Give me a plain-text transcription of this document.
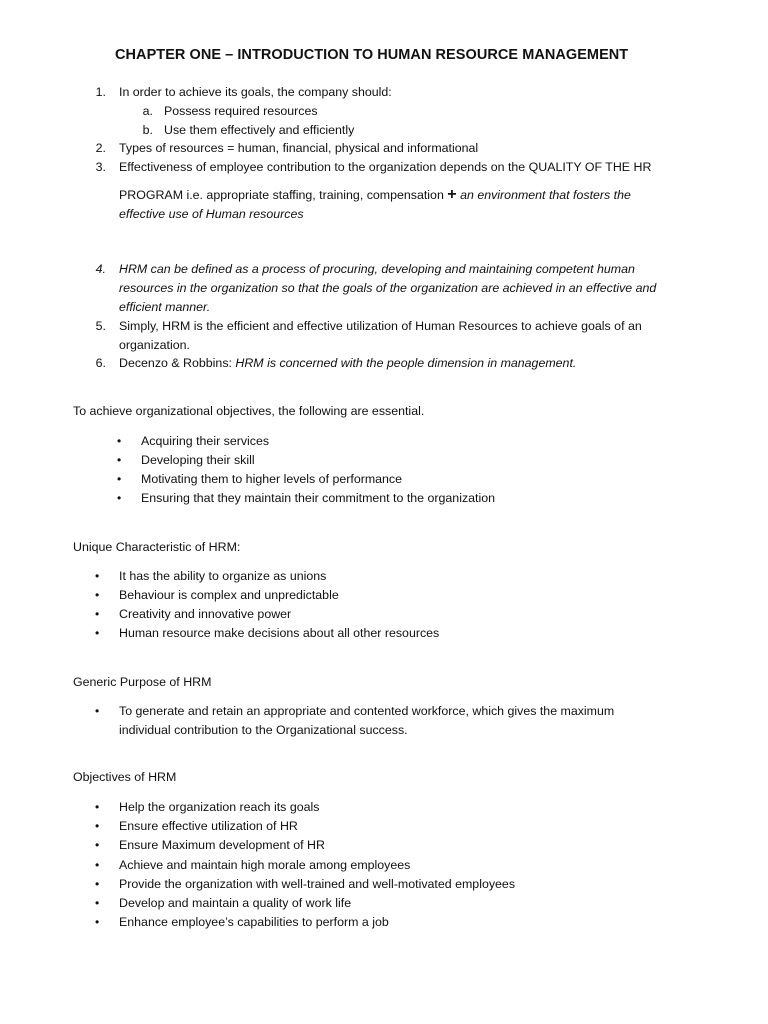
CHAPTER ONE – INTRODUCTION TO HUMAN RESOURCE MANAGEMENT
1. In order to achieve its goals, the company should:
a. Possess required resources
b. Use them effectively and efficiently
2. Types of resources = human, financial, physical and informational
3. Effectiveness of employee contribution to the organization depends on the QUALITY OF THE HR
PROGRAM i.e. appropriate staffing, training, compensation + an environment that fosters the
effective use of Human resources
4. HRM can be defined as a process of procuring, developing and maintaining competent human
resources in the organization so that the goals of the organization are achieved in an effective and
efficient manner.
5. Simply, HRM is the efficient and effective utilization of Human Resources to achieve goals of an
organization.
6. Decenzo & Robbins: HRM is concerned with the people dimension in management.
To achieve organizational objectives, the following are essential.
• Acquiring their services
• Developing their skill
• Motivating them to higher levels of performance
• Ensuring that they maintain their commitment to the organization
Unique Characteristic of HRM:
• It has the ability to organize as unions
• Behaviour is complex and unpredictable
• Creativity and innovative power
• Human resource make decisions about all other resources
Generic Purpose of HRM
• To generate and retain an appropriate and contented workforce, which gives the maximum
individual contribution to the Organizational success.
Objectives of HRM
• Help the organization reach its goals
• Ensure effective utilization of HR
• Ensure Maximum development of HR
• Achieve and maintain high morale among employees
• Provide the organization with well-trained and well-motivated employees
• Develop and maintain a quality of work life
• Enhance employee’s capabilities to perform a job
